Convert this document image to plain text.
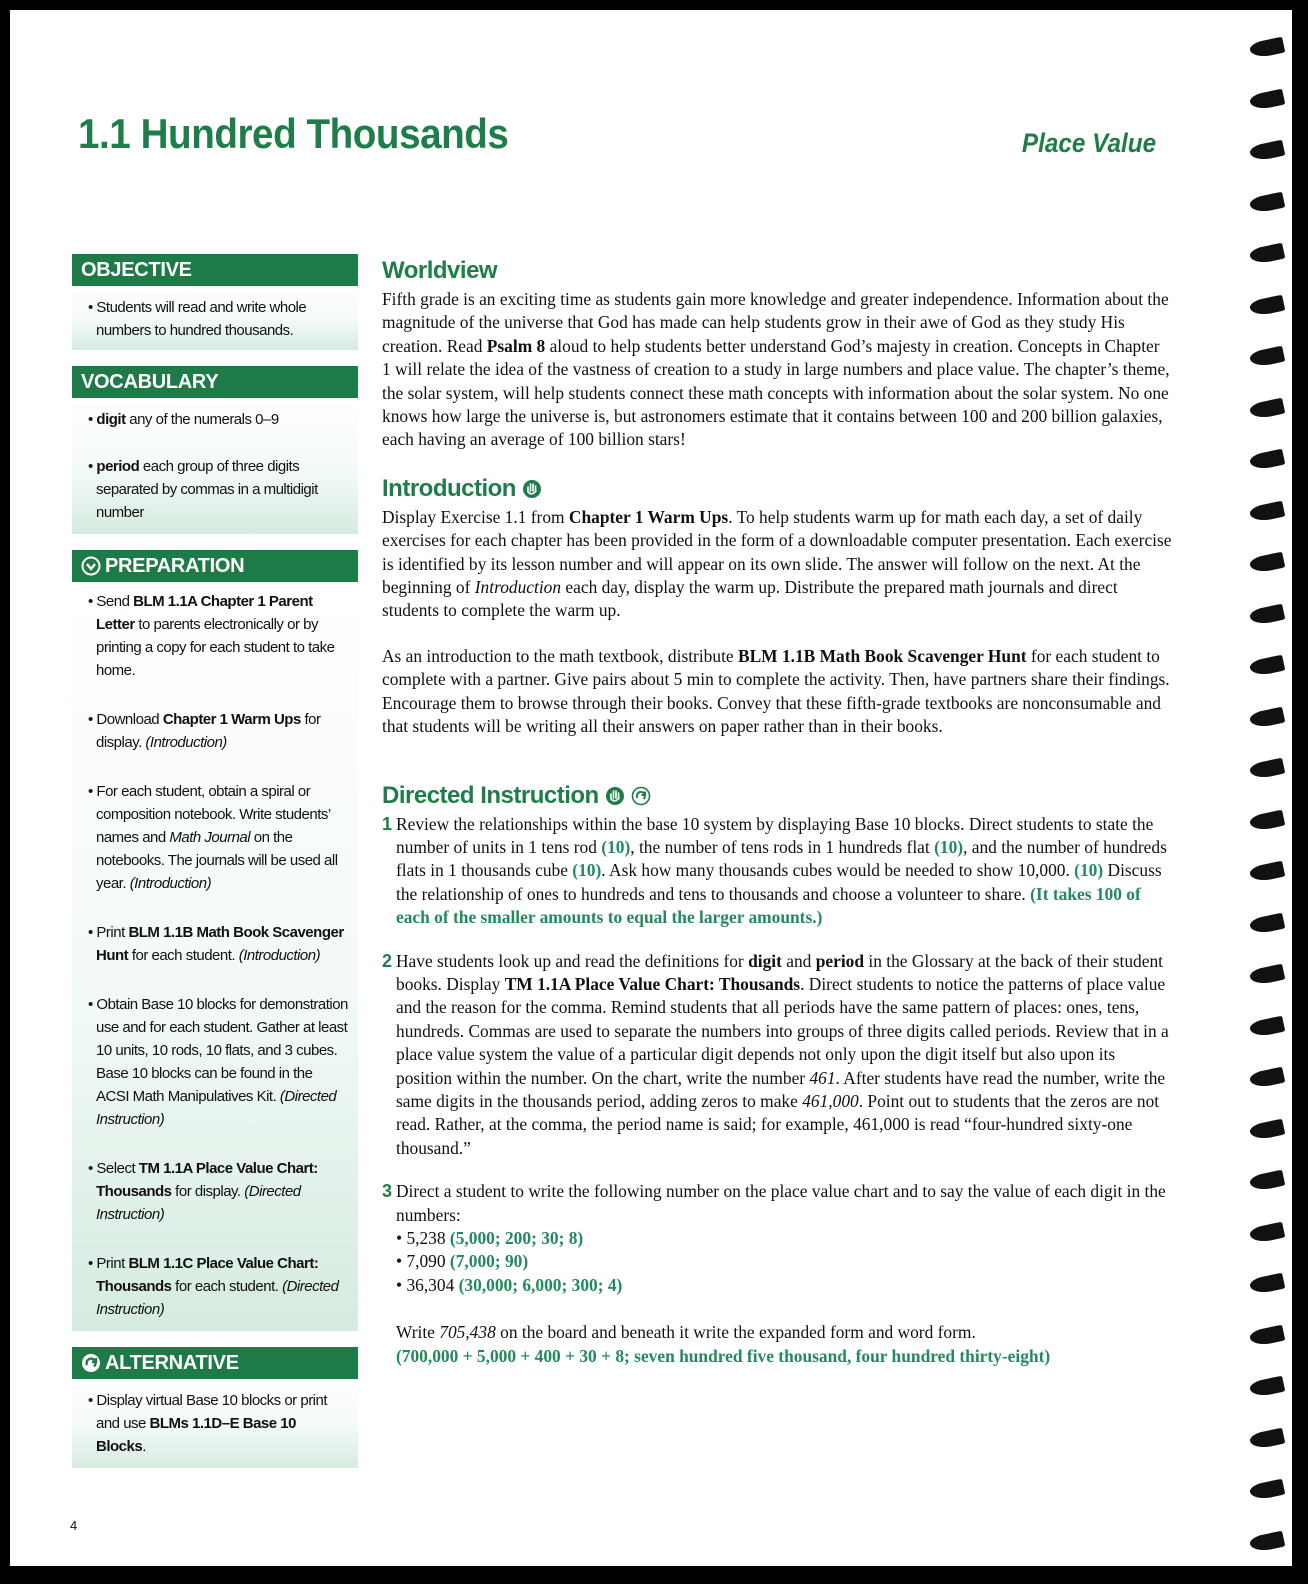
1.1 Hundred Thousands	Place Value
OBJECTIVE
• Students will read and write whole numbers to hundred thousands.
VOCABULARY
• digit any of the numerals 0–9
• period each group of three digits separated by commas in a multidigit number
PREPARATION
• Send BLM 1.1A Chapter 1 Parent Letter to parents electronically or by printing a copy for each student to take home.
• Download Chapter 1 Warm Ups for display. (Introduction)
• For each student, obtain a spiral or composition notebook. Write students’ names and Math Journal on the notebooks. The journals will be used all year. (Introduction)
• Print BLM 1.1B Math Book Scavenger Hunt for each student. (Introduction)
• Obtain Base 10 blocks for demonstration use and for each student. Gather at least 10 units, 10 rods, 10 flats, and 3 cubes. Base 10 blocks can be found in the ACSI Math Manipulatives Kit. (Directed Instruction)
• Select TM 1.1A Place Value Chart: Thousands for display. (Directed Instruction)
• Print BLM 1.1C Place Value Chart: Thousands for each student. (Directed Instruction)
ALTERNATIVE
• Display virtual Base 10 blocks or print and use BLMs 1.1D–E Base 10 Blocks.
Worldview

Fifth grade is an exciting time as students gain more knowledge and greater independence. Information about the magnitude of the universe that God has made can help students grow in their awe of God as they study His creation. Read Psalm 8 aloud to help students better understand God’s majesty in creation. Concepts in Chapter 1 will relate the idea of the vastness of creation to a study in large numbers and place value. The chapter’s theme, the solar system, will help students connect these math concepts with information about the solar system. No one knows how large the universe is, but astronomers estimate that it contains between 100 and 200 billion galaxies, each having an average of 100 billion stars!

Introduction

Display Exercise 1.1 from Chapter 1 Warm Ups. To help students warm up for math each day, a set of daily exercises for each chapter has been provided in the form of a downloadable computer presentation. Each exercise is identified by its lesson number and will appear on its own slide. The answer will follow on the next. At the beginning of Introduction each day, display the warm up. Distribute the prepared math journals and direct students to complete the warm up.

As an introduction to the math textbook, distribute BLM 1.1B Math Book Scavenger Hunt for each student to complete with a partner. Give pairs about 5 min to complete the activity. Then, have partners share their findings. Encourage them to browse through their books. Convey that these fifth-grade textbooks are nonconsumable and that students will be writing all their answers on paper rather than in their books.

Directed Instruction
1 Review the relationships within the base 10 system by displaying Base 10 blocks. Direct students to state the number of units in 1 tens rod (10), the number of tens rods in 1 hundreds flat (10), and the number of hundreds flats in 1 thousands cube (10). Ask how many thousands cubes would be needed to show 10,000. (10) Discuss the relationship of ones to hundreds and tens to thousands and choose a volunteer to share. (It takes 100 of each of the smaller amounts to equal the larger amounts.)
2 Have students look up and read the definitions for digit and period in the Glossary at the back of their student books. Display TM 1.1A Place Value Chart: Thousands. Direct students to notice the patterns of place value and the reason for the comma. Remind students that all periods have the same pattern of places: ones, tens, hundreds. Commas are used to separate the numbers into groups of three digits called periods. Review that in a place value system the value of a particular digit depends not only upon the digit itself but also upon its position within the number. On the chart, write the number 461. After students have read the number, write the same digits in the thousands period, adding zeros to make 461,000. Point out to students that the zeros are not read. Rather, at the comma, the period name is said; for example, 461,000 is read “four-hundred sixty-one thousand.”
3 Direct a student to write the following number on the place value chart and to say the value of each digit in the numbers:
• 5,238 (5,000; 200; 30; 8)
• 7,090 (7,000; 90)
• 36,304 (30,000; 6,000; 300; 4)
Write 705,438 on the board and beneath it write the expanded form and word form.
(700,000 + 5,000 + 400 + 30 + 8; seven hundred five thousand, four hundred thirty-eight)
4
